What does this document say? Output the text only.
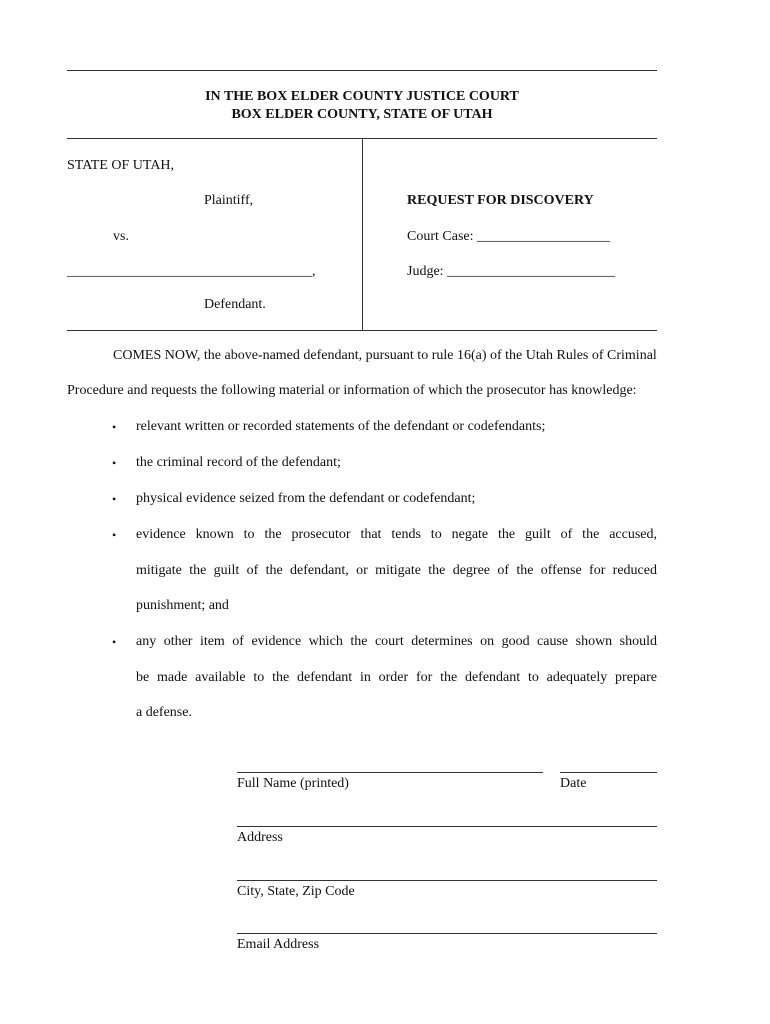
IN THE BOX ELDER COUNTY JUSTICE COURT
BOX ELDER COUNTY, STATE OF UTAH
STATE OF UTAH,
Plaintiff,
vs.
___________________________________,
Defendant.
REQUEST FOR DISCOVERY
Court Case: ___________________
Judge: ________________________
COMES NOW, the above-named defendant, pursuant to rule 16(a) of the Utah Rules of Criminal
Procedure and requests the following material or information of which the prosecutor has knowledge:
• relevant written or recorded statements of the defendant or codefendants;
• the criminal record of the defendant;
• physical evidence seized from the defendant or codefendant;
• evidence known to the prosecutor that tends to negate the guilt of the accused,
mitigate the guilt of the defendant, or mitigate the degree of the offense for reduced
punishment; and
• any other item of evidence which the court determines on good cause shown should
be made available to the defendant in order for the defendant to adequately prepare
a defense.
Full Name (printed)	Date
Address
City, State, Zip Code
Email Address
